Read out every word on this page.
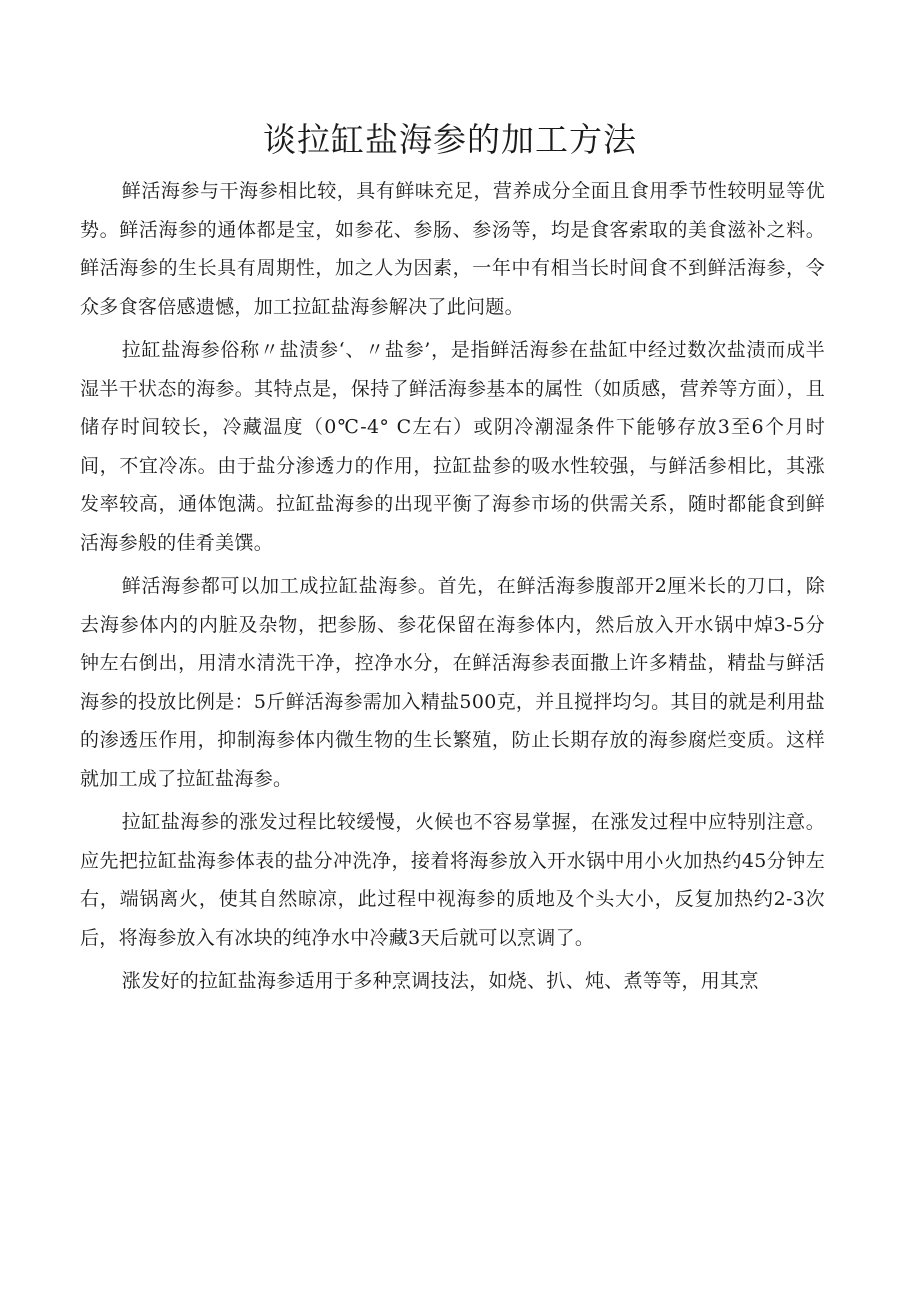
谈拉缸盐海参的加工方法

鲜活海参与干海参相比较，具有鲜味充足，营养成分全面且食用季节性较明显等优势。鲜活海参的通体都是宝，如参花、参肠、参汤等，均是食客索取的美食滋补之料。鲜活海参的生长具有周期性，加之人为因素，一年中有相当长时间食不到鲜活海参，令众多食客倍感遗憾，加工拉缸盐海参解决了此问题。

拉缸盐海参俗称〃盐渍参‘、〃盐参’，是指鲜活海参在盐缸中经过数次盐渍而成半湿半干状态的海参。其特点是，保持了鲜活海参基本的属性（如质感，营养等方面），且储存时间较长，冷藏温度（0℃-4° C左右）或阴冷潮湿条件下能够存放3至6个月时间，不宜冷冻。由于盐分渗透力的作用，拉缸盐参的吸水性较强，与鲜活参相比，其涨发率较高，通体饱满。拉缸盐海参的出现平衡了海参市场的供需关系，随时都能食到鲜活海参般的佳肴美馔。

鲜活海参都可以加工成拉缸盐海参。首先，在鲜活海参腹部开2厘米长的刀口，除去海参体内的内脏及杂物，把参肠、参花保留在海参体内，然后放入开水锅中焯3-5分钟左右倒出，用清水清洗干净，控净水分，在鲜活海参表面撒上许多精盐，精盐与鲜活海参的投放比例是：5斤鲜活海参需加入精盐500克，并且搅拌均匀。其目的就是利用盐的渗透压作用，抑制海参体内微生物的生长繁殖，防止长期存放的海参腐烂变质。这样就加工成了拉缸盐海参。

拉缸盐海参的涨发过程比较缓慢，火候也不容易掌握，在涨发过程中应特别注意。应先把拉缸盐海参体表的盐分冲洗净，接着将海参放入开水锅中用小火加热约45分钟左右，端锅离火，使其自然晾凉，此过程中视海参的质地及个头大小，反复加热约2-3次后，将海参放入有冰块的纯净水中冷藏3天后就可以烹调了。

涨发好的拉缸盐海参适用于多种烹调技法，如烧、扒、炖、煮等等，用其烹
